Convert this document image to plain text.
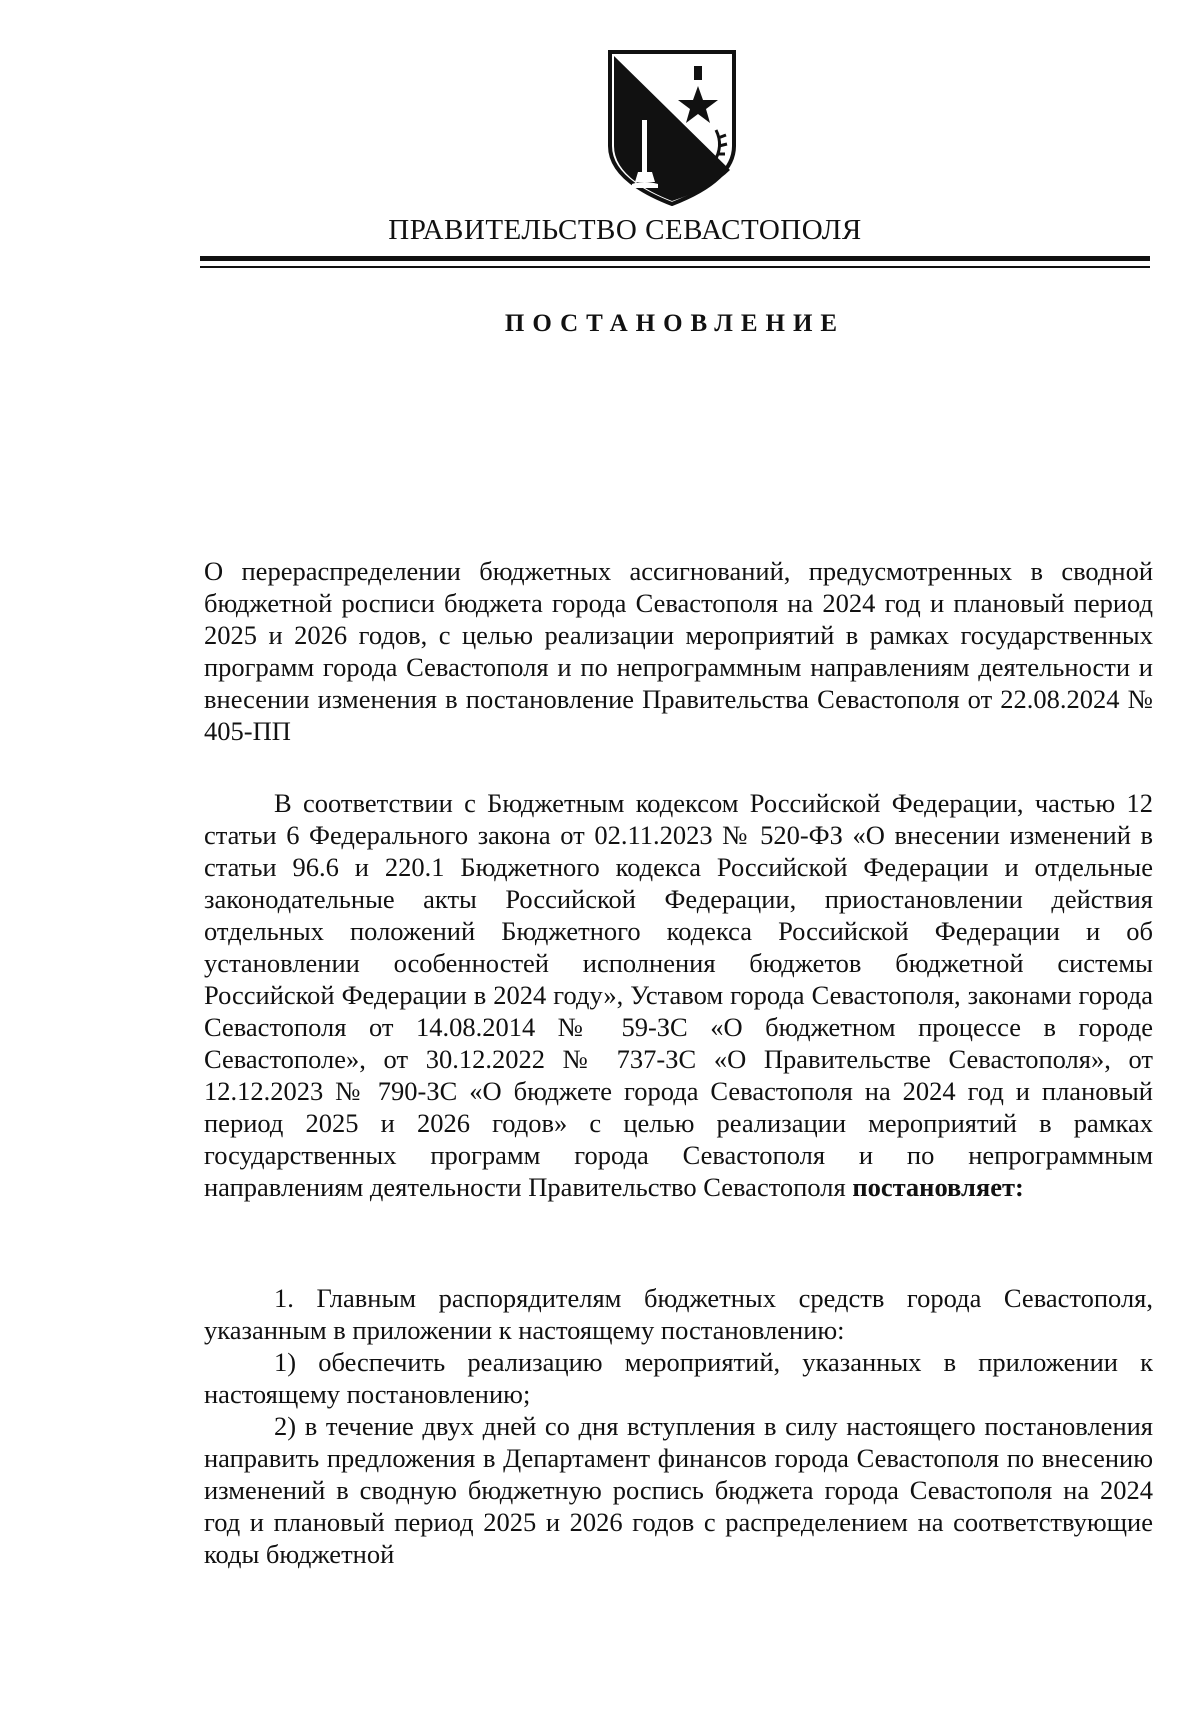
ПРАВИТЕЛЬСТВО СЕВАСТОПОЛЯ
ПОСТАНОВЛЕНИЕ
О перераспределении бюджетных ассигнований, предусмотренных в сводной бюджетной росписи бюджета города Севастополя на 2024 год и плановый период 2025 и 2026 годов, с целью реализации мероприятий в рамках государственных программ города Севастополя и по непрограммным направлениям деятельности и внесении изменения в постановление Правительства Севастополя от 22.08.2024 № 405-ПП
В соответствии с Бюджетным кодексом Российской Федерации, частью 12 статьи 6 Федерального закона от 02.11.2023 № 520-ФЗ «О внесении изменений в статьи 96.6 и 220.1 Бюджетного кодекса Российской Федерации и отдельные законодательные акты Российской Федерации, приостановлении действия отдельных положений Бюджетного кодекса Российской Федерации и об установлении особенностей исполнения бюджетов бюджетной системы Российской Федерации в 2024 году», Уставом города Севастополя, законами города Севастополя от 14.08.2014 № 59-ЗС «О бюджетном процессе в городе Севастополе», от 30.12.2022 № 737-ЗС «О Правительстве Севастополя», от 12.12.2023 № 790-ЗС «О бюджете города Севастополя на 2024 год и плановый период 2025 и 2026 годов» с целью реализации мероприятий в рамках государственных программ города Севастополя и по непрограммным направлениям деятельности Правительство Севастополя постановляет:

1. Главным распорядителям бюджетных средств города Севастополя, указанным в приложении к настоящему постановлению:

1) обеспечить реализацию мероприятий, указанных в приложении к настоящему постановлению;

2) в течение двух дней со дня вступления в силу настоящего постановления направить предложения в Департамент финансов города Севастополя по внесению изменений в сводную бюджетную роспись бюджета города Севастополя на 2024 год и плановый период 2025 и 2026 годов с распределением на соответствующие коды бюджетной
